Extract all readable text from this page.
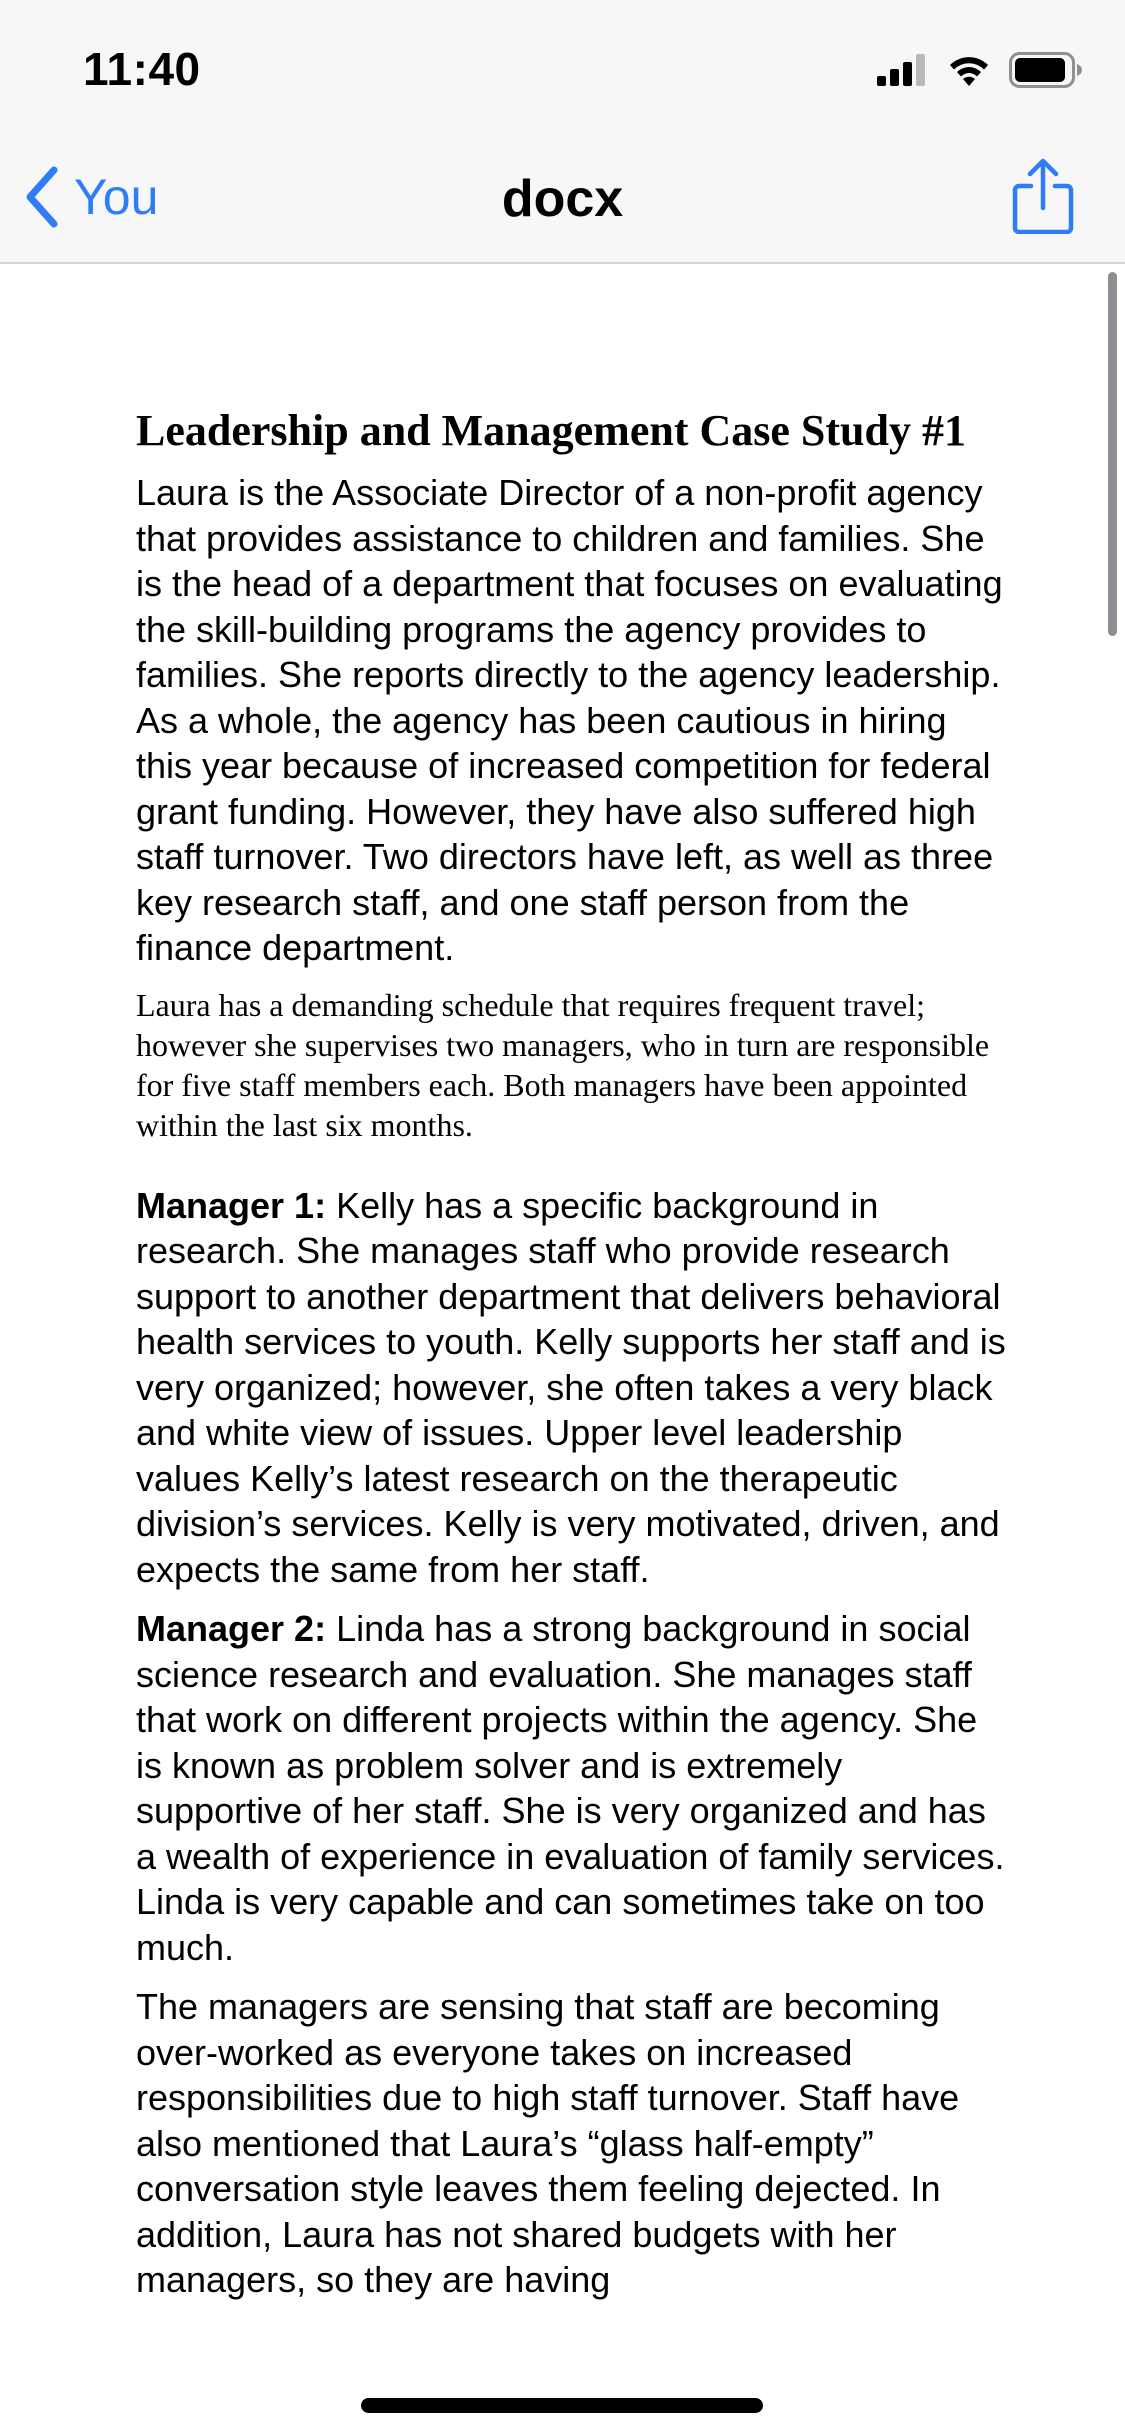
11:40
You	docx
Leadership and Management Case Study #1

Laura is the Associate Director of a non-profit agency that provides assistance to children and families. She is the head of a department that focuses on evaluating the skill-building programs the agency provides to families. She reports directly to the agency leadership. As a whole, the agency has been cautious in hiring this year because of increased competition for federal grant funding. However, they have also suffered high staff turnover. Two directors have left, as well as three key research staff, and one staff person from the finance department.

Laura has a demanding schedule that requires frequent travel; however she supervises two managers, who in turn are responsible for five staff members each. Both managers have been appointed within the last six months.

Manager 1: Kelly has a specific background in research. She manages staff who provide research support to another department that delivers behavioral health services to youth. Kelly supports her staff and is very organized; however, she often takes a very black and white view of issues. Upper level leadership values Kelly’s latest research on the therapeutic division’s services. Kelly is very motivated, driven, and expects the same from her staff.

Manager 2: Linda has a strong background in social science research and evaluation. She manages staff that work on different projects within the agency. She is known as problem solver and is extremely supportive of her staff. She is very organized and has a wealth of experience in evaluation of family services. Linda is very capable and can sometimes take on too much.

The managers are sensing that staff are becoming over-worked as everyone takes on increased responsibilities due to high staff turnover. Staff have also mentioned that Laura’s “glass half-empty” conversation style leaves them feeling dejected. In addition, Laura has not shared budgets with her managers, so they are having
